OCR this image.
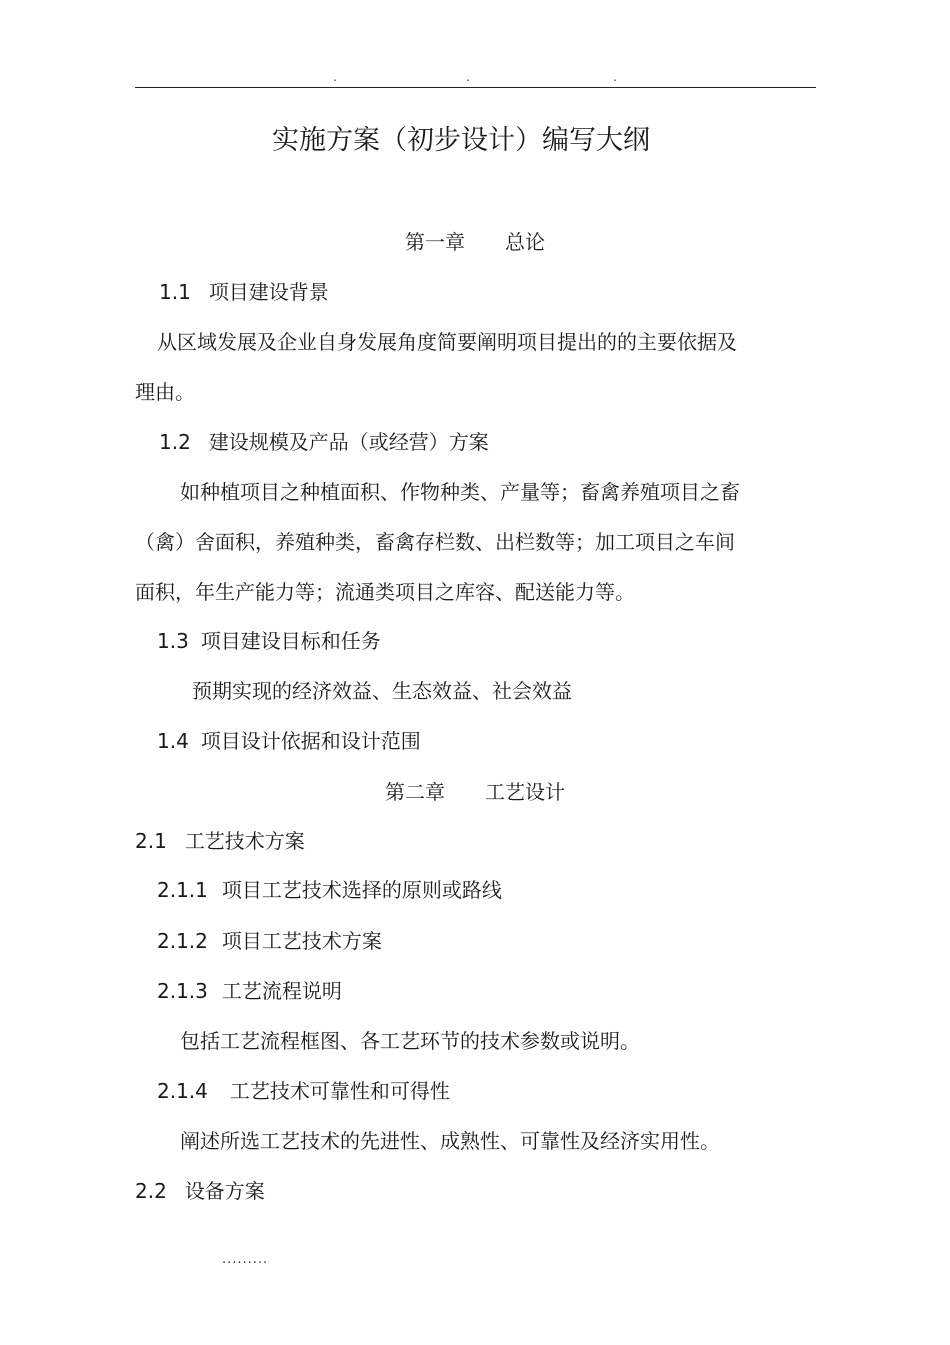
.	.	.
实施方案（初步设计）编写大纲
第一章 总论
1.1 项目建设背景
从区域发展及企业自身发展角度简要阐明项目提出的的主要依据及
理由。
1.2 建设规模及产品（或经营）方案
如种植项目之种植面积、作物种类、产量等；畜禽养殖项目之畜
（禽）舍面积，养殖种类，畜禽存栏数、出栏数等；加工项目之车间
面积，年生产能力等；流通类项目之库容、配送能力等。
1.3 项目建设目标和任务
预期实现的经济效益、生态效益、社会效益
1.4 项目设计依据和设计范围
第二章 工艺设计
2.1 工艺技术方案
2.1.1 项目工艺技术选择的原则或路线
2.1.2 项目工艺技术方案
2.1.3 工艺流程说明
包括工艺流程框图、各工艺环节的技术参数或说明。
2.1.4 工艺技术可靠性和可得性
阐述所选工艺技术的先进性、成熟性、可靠性及经济实用性。
2.2 设备方案
.........
